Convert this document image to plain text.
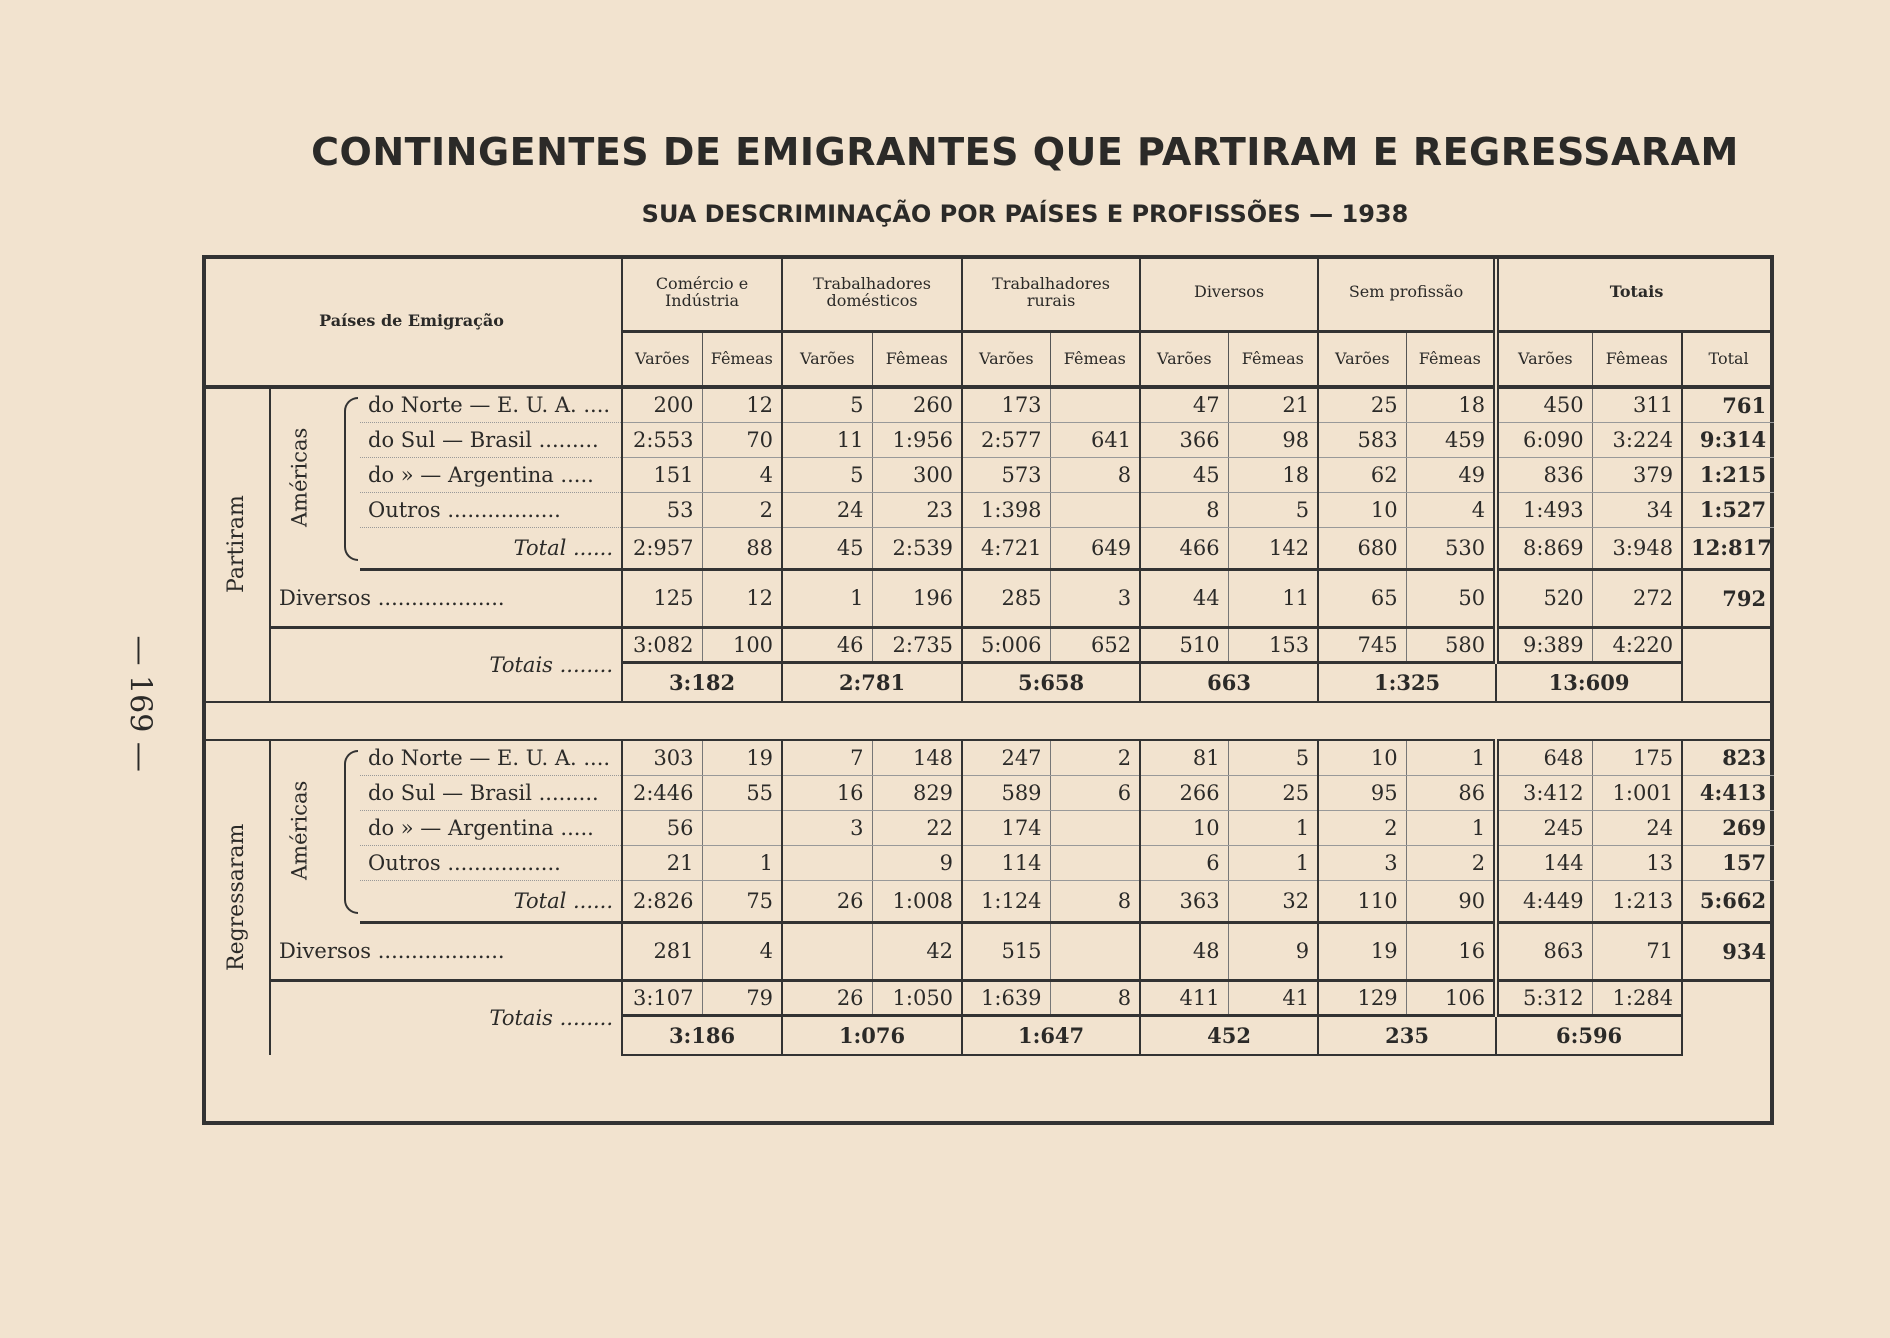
— 169 —
CONTINGENTES DE EMIGRANTES QUE PARTIRAM E REGRESSARAM
SUA DESCRIMINAÇÃO POR PAÍSES E PROFISSÕES — 1938
Países de Emigração				Comércio e Indústria		Trabalhadores domésticos		Trabalhadores rurais		Diversos		Sem profissão		Totais		
				Varões	Fêmeas	Varões	Fêmeas	Varões	Fêmeas	Varões	Fêmeas	Varões	Fêmeas	Varões	Fêmeas	Total
Partiram	Américas		do Norte — E. U. A. ....	200	12	5	260	173		47	21	25	18	450	311	761
			do Sul — Brasil .........	2:553	70	11	1:956	2:577	641	366	98	583	459	6:090	3:224	9:314
			do » — Argentina .....	151	4	5	300	573	8	45	18	62	49	836	379	1:215
			Outros .................	53	2	24	23	1:398		8	5	10	4	1:493	34	1:527
			Total ......	2:957	88	45	2:539	4:721	649	466	142	680	530	8:869	3:948	12:817
	Diversos ...................			125	12	1	196	285	3	44	11	65	50	520	272	792
	Totais ........			3:082	100	46	2:735	5:006	652	510	153	745	580	9:389	4:220	
				3:182		2:781		5:658		663		1:325		13:609		

Regressaram	Américas		do Norte — E. U. A. ....	303	19	7	148	247	2	81	5	10	1	648	175	823
			do Sul — Brasil .........	2:446	55	16	829	589	6	266	25	95	86	3:412	1:001	4:413
			do » — Argentina .....	56		3	22	174		10	1	2	1	245	24	269
			Outros .................	21	1		9	114		6	1	3	2	144	13	157
			Total ......	2:826	75	26	1:008	1:124	8	363	32	110	90	4:449	1:213	5:662
	Diversos ...................			281	4		42	515		48	9	19	16	863	71	934
	Totais ........			3:107	79	26	1:050	1:639	8	411	41	129	106	5:312	1:284	
				3:186		1:076		1:647		452		235		6:596		
